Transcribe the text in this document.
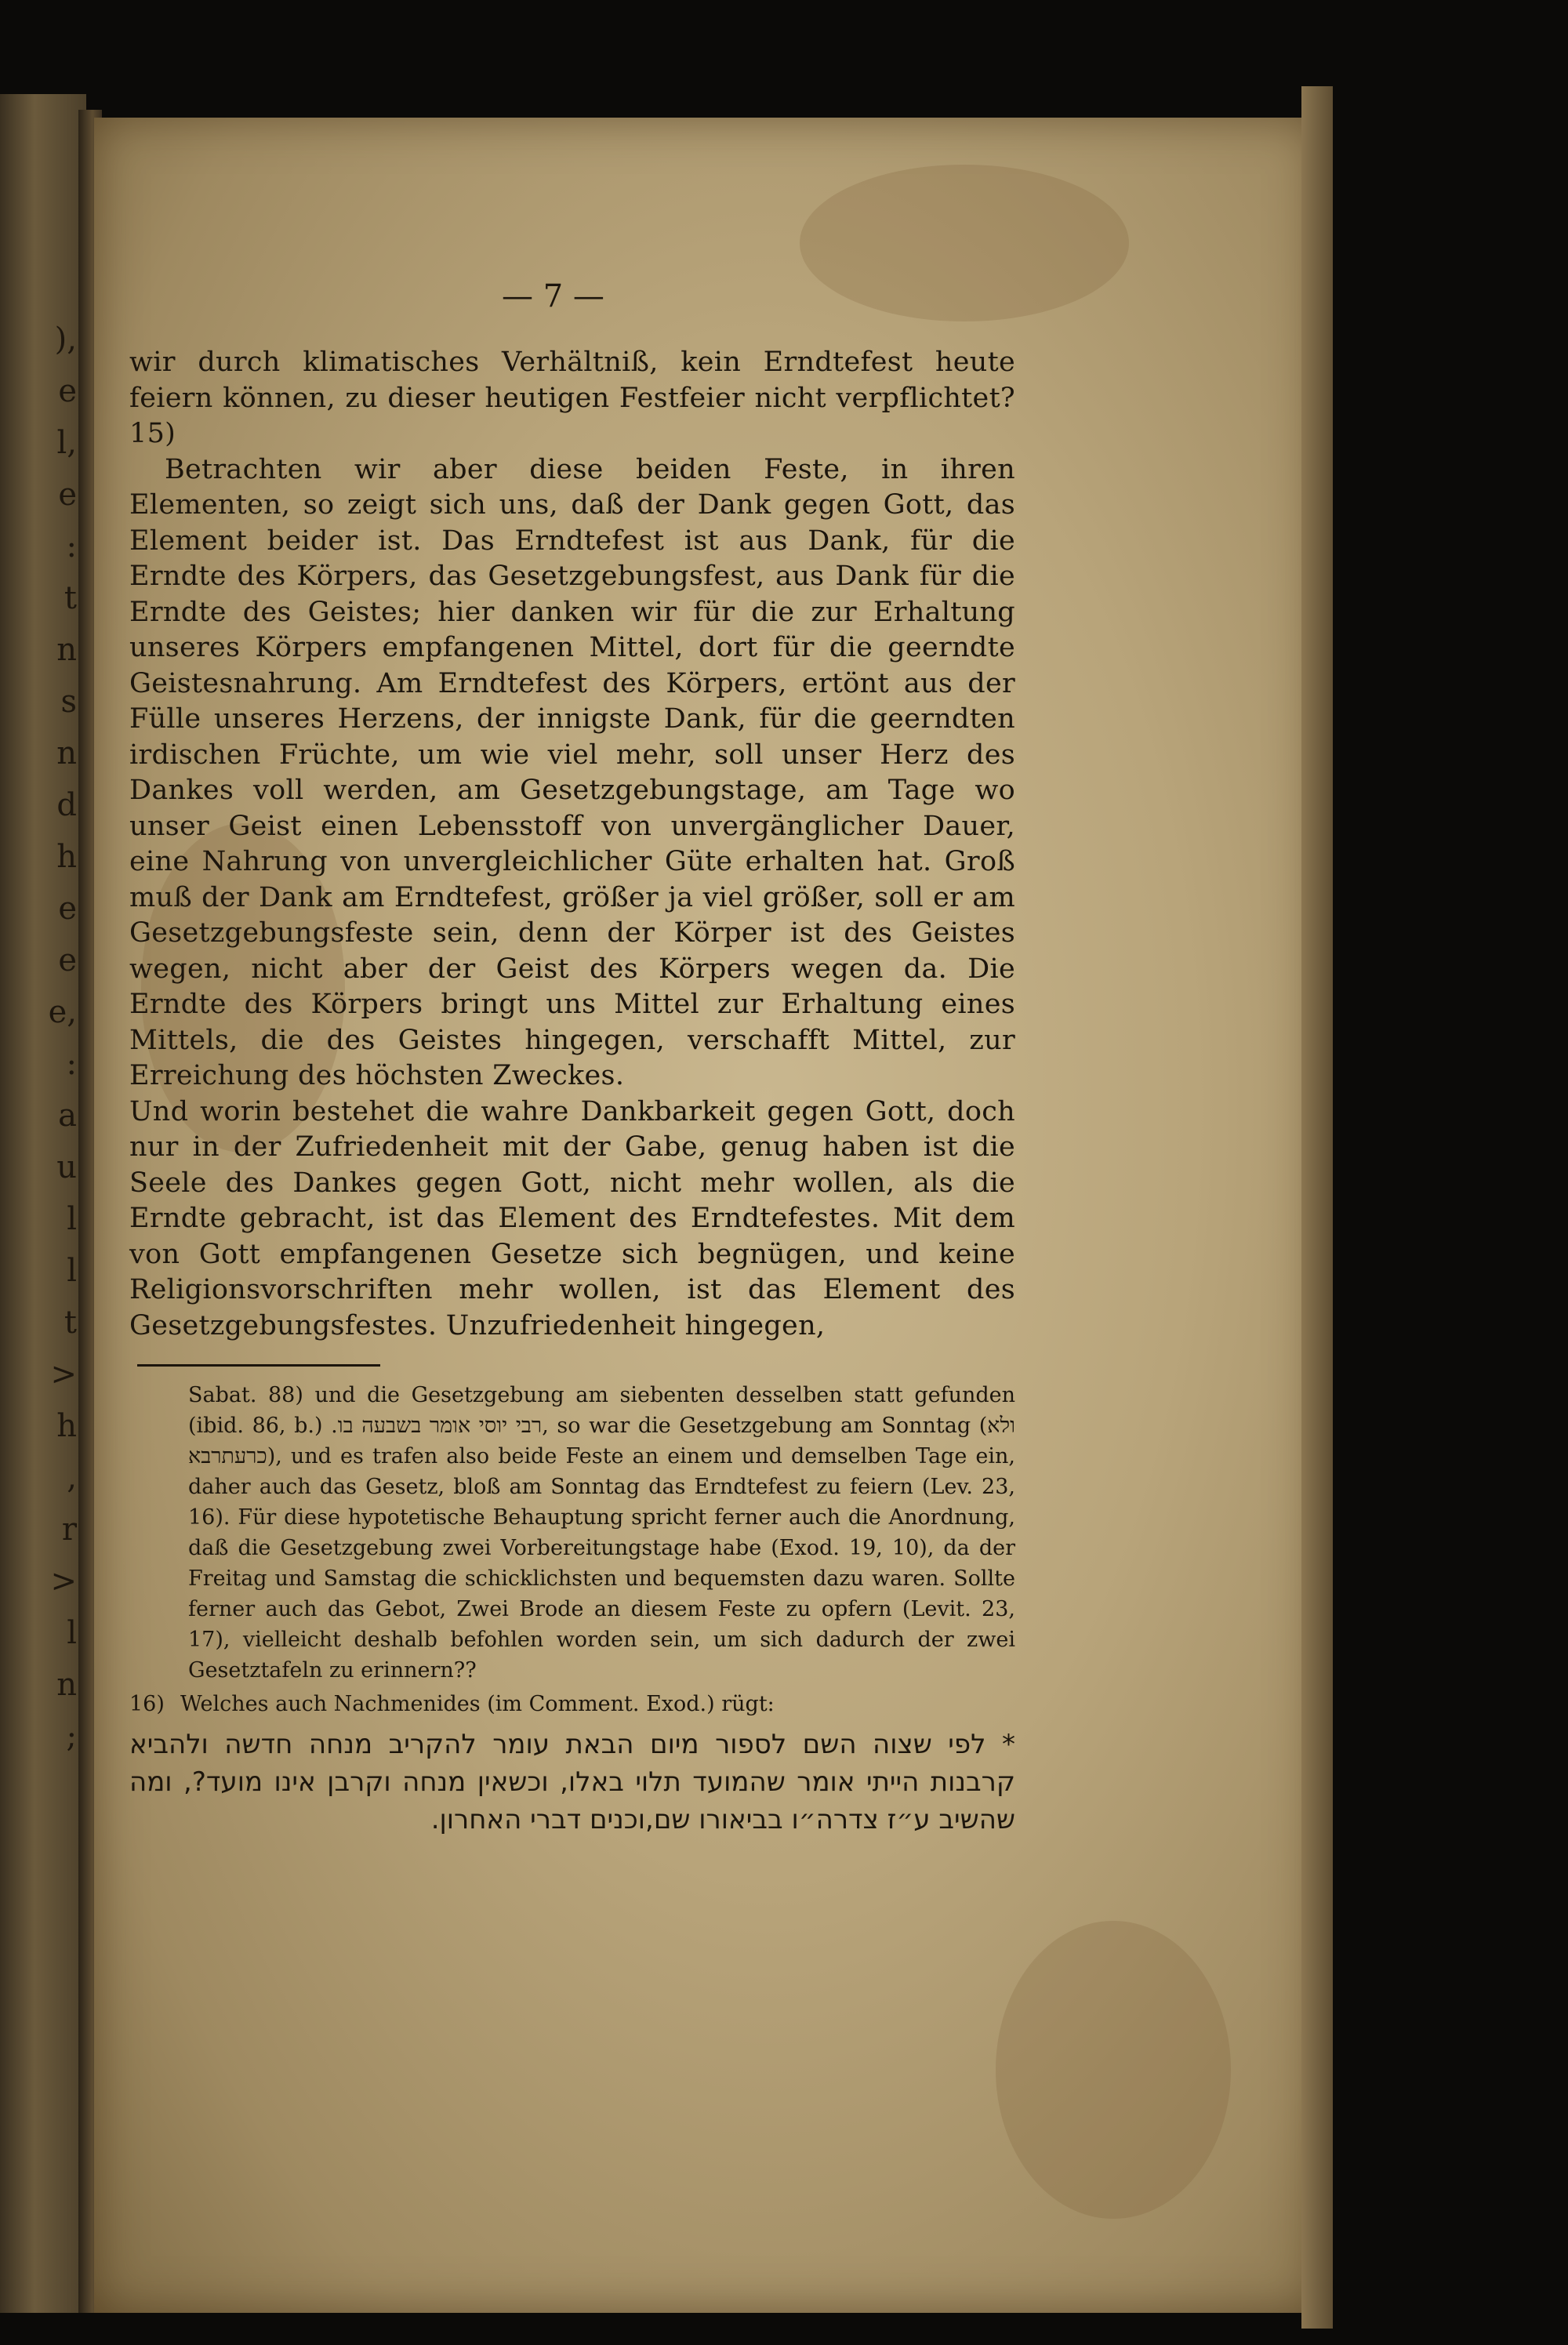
),
e
l,
e
:
t
n
s
n
d
h
e
e
e,
:
a
u
l
l
t
>
h
,
r
>
l
n
;
— 7 —

wir durch klimatisches Verhältniß, kein Erndtefest heute feiern können, zu dieser heutigen Festfeier nicht verpflichtet? 15)

Betrachten wir aber diese beiden Feste, in ihren Elementen, so zeigt sich uns, daß der Dank gegen Gott, das Element beider ist. Das Erndtefest ist aus Dank, für die Erndte des Körpers, das Gesetzgebungsfest, aus Dank für die Erndte des Geistes; hier danken wir für die zur Erhaltung unseres Körpers empfangenen Mittel, dort für die geerndte Geistesnahrung. Am Erndtefest des Körpers, ertönt aus der Fülle unseres Herzens, der innigste Dank, für die geerndten irdischen Früchte, um wie viel mehr, soll unser Herz des Dankes voll werden, am Gesetzgebungstage, am Tage wo unser Geist einen Lebensstoff von unvergänglicher Dauer, eine Nahrung von unvergleichlicher Güte erhalten hat. Groß muß der Dank am Erndtefest, größer ja viel größer, soll er am Gesetzgebungsfeste sein, denn der Körper ist des Geistes wegen, nicht aber der Geist des Körpers wegen da. Die Erndte des Körpers bringt uns Mittel zur Erhaltung eines Mittels, die des Geistes hingegen, verschafft Mittel, zur Erreichung des höchsten Zweckes.

Und worin bestehet die wahre Dankbarkeit gegen Gott, doch nur in der Zufriedenheit mit der Gabe, genug haben ist die Seele des Dankes gegen Gott, nicht mehr wollen, als die Erndte gebracht, ist das Element des Erndtefestes. Mit dem von Gott empfangenen Gesetze sich begnügen, und keine Religionsvorschriften mehr wollen, ist das Element des Gesetzgebungsfestes. Unzufriedenheit hingegen,

Sabat. 88) und die Gesetzgebung am siebenten desselben statt gefunden (ibid. 86, b.) .רבי יוסי אומר בשבעה בו, so war die Gesetzgebung am Sonntag (ולא כרעתרבא), und es trafen also beide Feste an einem und demselben Tage ein, daher auch das Gesetz, bloß am Sonntag das Erndtefest zu feiern (Lev. 23, 16). Für diese hypotetische Behauptung spricht ferner auch die Anordnung, daß die Gesetzgebung zwei Vorbereitungstage habe (Exod. 19, 10), da der Freitag und Samstag die schicklichsten und bequemsten dazu waren. Sollte ferner auch das Gebot, Zwei Brode an diesem Feste zu opfern (Levit. 23, 17), vielleicht deshalb befohlen worden sein, um sich dadurch der zwei Gesetztafeln zu erinnern??
16) Welches auch Nachmenides (im Comment. Exod.) rügt:
* לפי שצוה השם לספור מיום הבאת עומר להקריב מנחה חדשה ולהביא קרבנות הייתי אומר שהמועד תלוי באלו, וכשאין מנחה וקרבן אינו מועד?, ומה שהשיב ע״ז צדרה״ו בביאורו שם,וכנים דברי האחרון.
